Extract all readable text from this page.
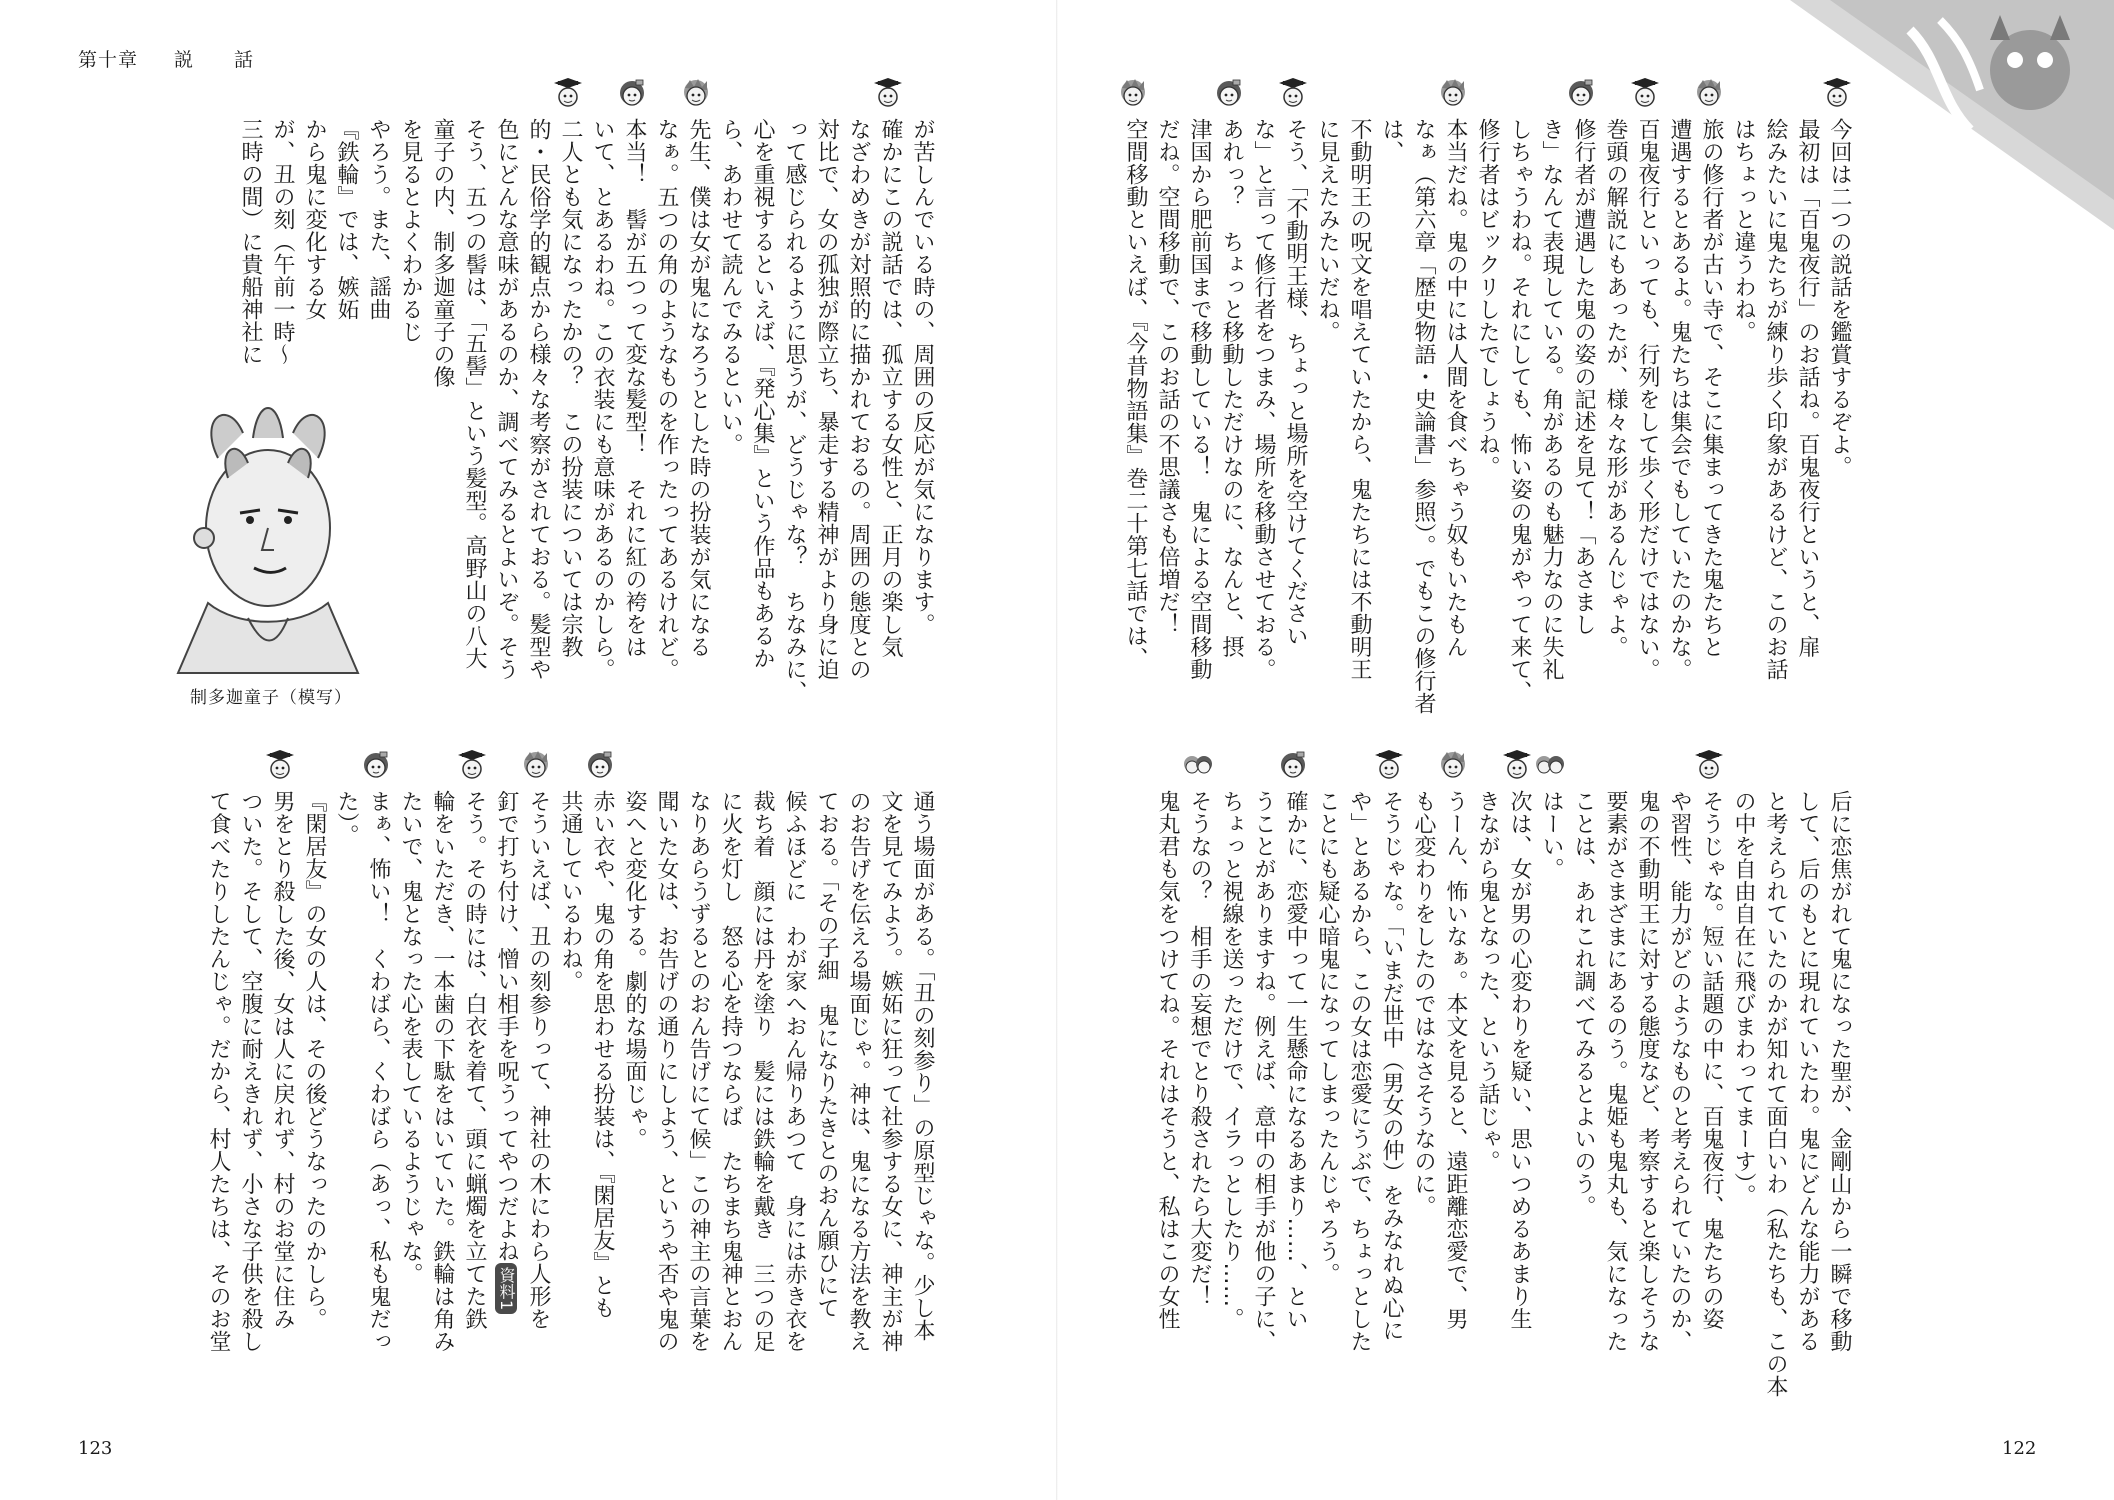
第十章 説　　話
今回は二つの説話を鑑賞するぞよ。
最初は「百鬼夜行」のお話ね。百鬼夜行というと、扉
絵みたいに鬼たちが練り歩く印象があるけど、このお話
はちょっと違うわね。
旅の修行者が古い寺で、そこに集まってきた鬼たちと
遭遇するとあるよ。鬼たちは集会でもしていたのかな。
百鬼夜行といっても、行列をして歩く形だけではない。
巻頭の解説にもあったが、様々な形があるんじゃよ。
修行者が遭遇した鬼の姿の記述を見て！「あさまし
き」なんて表現している。角があるのも魅力なのに失礼
しちゃうわね。それにしても、怖い姿の鬼がやって来て、
修行者はビックリしたでしょうね。
本当だね。鬼の中には人間を食べちゃう奴もいたもん
なぁ（第六章「歴史物語・史論書」参照）。でもこの修行者は、
不動明王の呪文を唱えていたから、鬼たちには不動明王
に見えたみたいだね。
そう、「不動明王様、ちょっと場所を空けてください
な」と言って修行者をつまみ、場所を移動させておる。
あれっ？　ちょっと移動しただけなのに、なんと、摂
津国から肥前国まで移動している！　鬼による空間移動
だね。空間移動で、このお話の不思議さも倍増だ！
空間移動といえば、『今昔物語集』巻二十第七話では、
后に恋焦がれて鬼になった聖が、金剛山から一瞬で移動
して、后のもとに現れていたわ。鬼にどんな能力がある
と考えられていたのかが知れて面白いわ（私たちも、この本
の中を自由自在に飛びまわってまーす）。
そうじゃな。短い話題の中に、百鬼夜行、鬼たちの姿
や習性、能力がどのようなものと考えられていたのか、
鬼の不動明王に対する態度など、考察すると楽しそうな
要素がさまざまにあるのう。鬼姫も鬼丸も、気になった
ことは、あれこれ調べてみるとよいのう。
はーい。
次は、女が男の心変わりを疑い、思いつめるあまり生
きながら鬼となった、という話じゃ。
うーん、怖いなぁ。本文を見ると、遠距離恋愛で、男
も心変わりをしたのではなさそうなのに。
そうじゃな。「いまだ世中（男女の仲）をみなれぬ心に
や」とあるから、この女は恋愛にうぶで、ちょっとした
ことにも疑心暗鬼になってしまったんじゃろう。
確かに、恋愛中って一生懸命になるあまり……、とい
うことがありますね。例えば、意中の相手が他の子に、
ちょっと視線を送っただけで、イラっとしたり……。
そうなの？　相手の妄想でとり殺されたら大変だ！
鬼丸君も気をつけてね。それはそうと、私はこの女性
が苦しんでいる時の、周囲の反応が気になります。
確かにこの説話では、孤立する女性と、正月の楽し気
なざわめきが対照的に描かれておるの。周囲の態度との
対比で、女の孤独が際立ち、暴走する精神がより身に迫
って感じられるように思うが、どうじゃな？　ちなみに、
心を重視するといえば、『発心集』という作品もあるか
ら、あわせて読んでみるといい。
先生、僕は女が鬼になろうとした時の扮装が気になる
なぁ。五つの角のようなものを作ったってあるけれど。
本当！　髻が五つって変な髪型！　それに紅の袴をは
いて、とあるわね。この衣装にも意味があるのかしら。
二人とも気になったかの？　この扮装については宗教
的・民俗学的観点から様々な考察がされておる。髪型や
色にどんな意味があるのか、調べてみるとよいぞ。そう
そう、五つの髻は、「五髻」という髪型。高野山の八大
童子の内、制多迦童子の像
を見るとよくわかるじ
やろう。また、謡曲
『鉄輪』では、嫉妬
から鬼に変化する女
が、丑の刻（午前一時～
三時の間）に貴船神社に
制多迦童子（模写）
通う場面がある。「丑の刻参り」の原型じゃな。少し本
文を見てみよう。嫉妬に狂って社参する女に、神主が神
のお告げを伝える場面じゃ。神は、鬼になる方法を教え
ておる。「その子細　鬼になりたきとのおん願ひにて
候ふほどに　わが家へおん帰りあつて　身には赤き衣を
裁ち着　顔には丹を塗り　髪には鉄輪を戴き　三つの足
に火を灯し　怒る心を持つならば　たちまち鬼神とおん
なりあらうずるとのおん告げにて候」この神主の言葉を
聞いた女は、お告げの通りにしよう、というや否や鬼の
姿へと変化する。劇的な場面じゃ。
赤い衣や、鬼の角を思わせる扮装は、『閑居友』とも
共通しているわね。
そういえば、丑の刻参りって、神社の木にわら人形を
釘で打ち付け、憎い相手を呪うってやつだよね資料1
そう。その時には、白衣を着て、頭に蝋燭を立てた鉄
輪をいただき、一本歯の下駄をはいていた。鉄輪は角み
たいで、鬼となった心を表しているようじゃな。
まぁ、怖い！　くわばら、くわばら（あっ、私も鬼だった）。
『閑居友』の女の人は、その後どうなったのかしら。
男をとり殺した後、女は人に戻れず、村のお堂に住み
ついた。そして、空腹に耐えきれず、小さな子供を殺し
て食べたりしたんじゃ。だから、村人たちは、そのお堂
123	122
